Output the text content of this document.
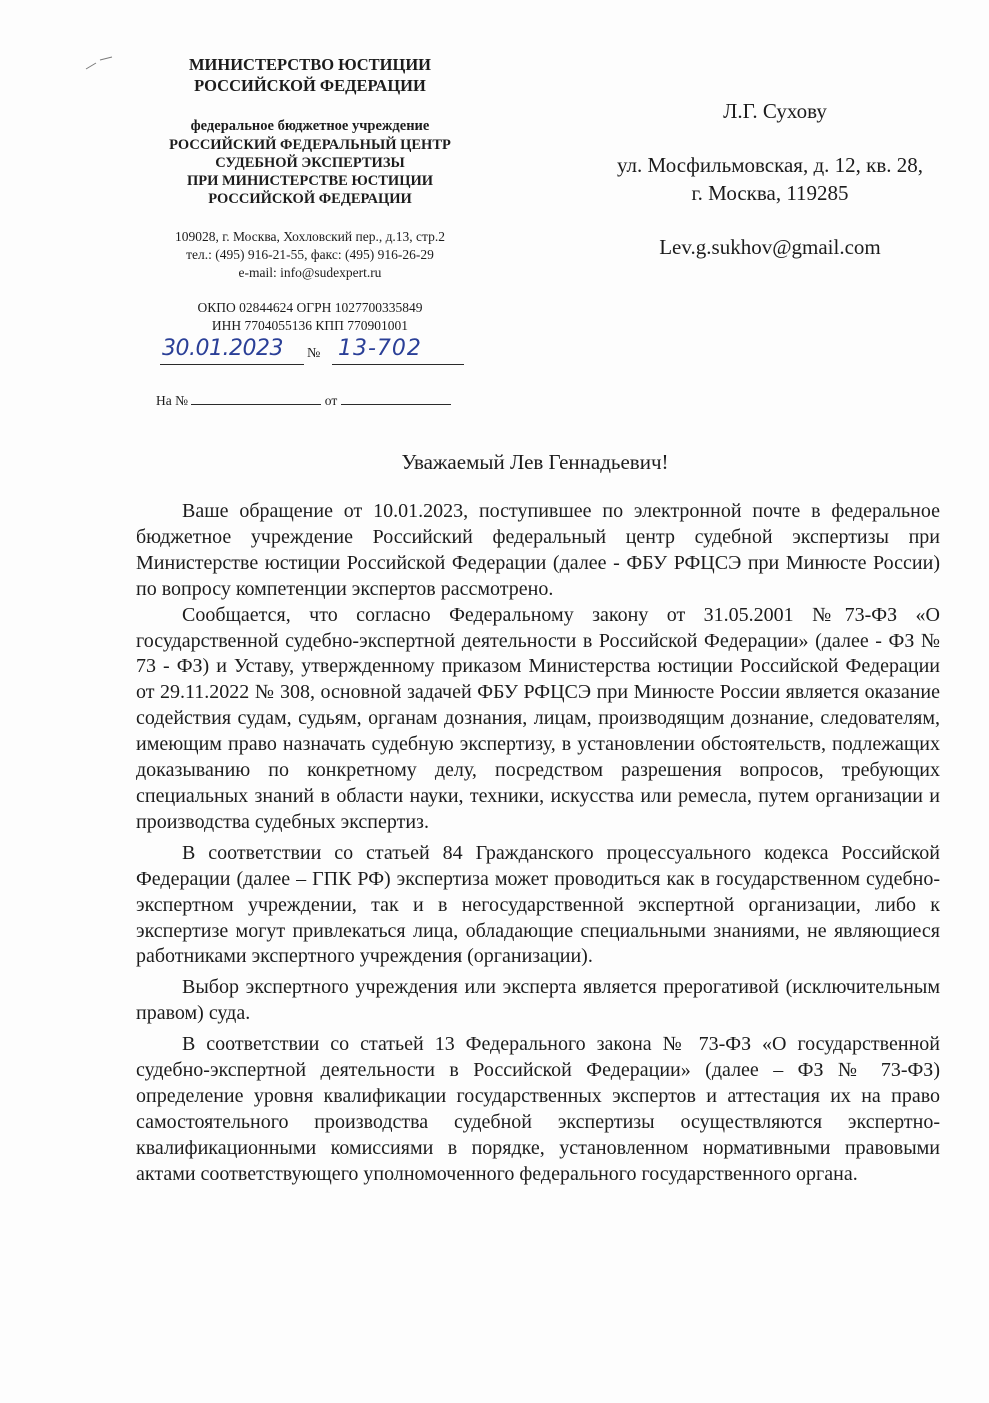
МИНИСТЕРСТВО ЮСТИЦИИ
РОССИЙСКОЙ ФЕДЕРАЦИИ
федеральное бюджетное учреждение
РОССИЙСКИЙ ФЕДЕРАЛЬНЫЙ ЦЕНТР
СУДЕБНОЙ ЭКСПЕРТИЗЫ
ПРИ МИНИСТЕРСТВЕ ЮСТИЦИИ
РОССИЙСКОЙ ФЕДЕРАЦИИ
109028, г. Москва, Хохловский пер., д.13, стр.2
тел.: (495) 916-21-55, факс: (495) 916-26-29
e-mail: info@sudexpert.ru
ОКПО 02844624 ОГРН 1027700335849
ИНН 7704055136 КПП 770901001
30.01.2023	№ 13-702
На №	от
Л.Г. Сухову
ул. Мосфильмовская, д. 12, кв. 28,
г. Москва, 119285
Lev.g.sukhov@gmail.com
Уважаемый Лев Геннадьевич!

Ваше обращение от 10.01.2023, поступившее по электронной почте в федеральное бюджетное учреждение Российский федеральный центр судебной экспертизы при Министерстве юстиции Российской Федерации (далее - ФБУ РФЦСЭ при Минюсте России) по вопросу компетенции экспертов рассмотрено.

Сообщается, что согласно Федеральному закону от 31.05.2001 №73-ФЗ «О государственной судебно-экспертной деятельности в Российской Федерации» (далее - ФЗ № 73 - ФЗ) и Уставу, утвержденному приказом Министерства юстиции Российской Федерации от 29.11.2022 № 308, основной задачей ФБУ РФЦСЭ при Минюсте России является оказание содействия судам, судьям, органам дознания, лицам, производящим дознание, следователям, имеющим право назначать судебную экспертизу, в установлении обстоятельств, подлежащих доказыванию по конкретному делу, посредством разрешения вопросов, требующих специальных знаний в области науки, техники, искусства или ремесла, путем организации и производства судебных экспертиз.

В соответствии со статьей 84 Гражданского процессуального кодекса Российской Федерации (далее – ГПК РФ) экспертиза может проводиться как в государственном судебно-экспертном учреждении, так и в негосударственной экспертной организации, либо к экспертизе могут привлекаться лица, обладающие специальными знаниями, не являющиеся работниками экспертного учреждения (организации).

Выбор экспертного учреждения или эксперта является прерогативой (исключительным правом) суда.

В соответствии со статьей 13 Федерального закона № 73-ФЗ «О государственной судебно-экспертной деятельности в Российской Федерации» (далее – ФЗ № 73-ФЗ) определение уровня квалификации государственных экспертов и аттестация их на право самостоятельного производства судебной экспертизы осуществляются экспертно-квалификационными комиссиями в порядке, установленном нормативными правовыми актами соответствующего уполномоченного федерального государственного органа.
